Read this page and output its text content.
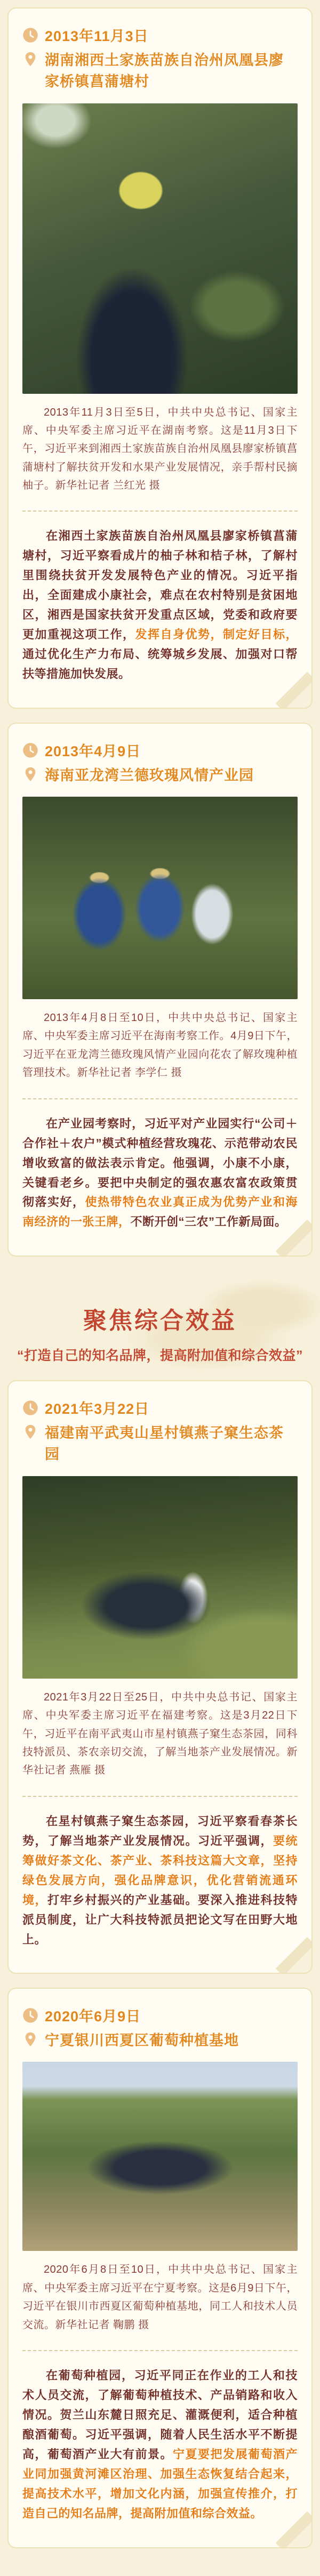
2013年11月3日
湖南湘西土家族苗族自治州凤凰县廖家桥镇菖蒲塘村

2013年11月3日至5日，中共中央总书记、国家主席、中央军委主席习近平在湖南考察。这是11月3日下午，习近平来到湘西土家族苗族自治州凤凰县廖家桥镇菖蒲塘村了解扶贫开发和水果产业发展情况，亲手帮村民摘柚子。新华社记者 兰红光 摄

在湘西土家族苗族自治州凤凰县廖家桥镇菖蒲塘村，习近平察看成片的柚子林和桔子林，了解村里围绕扶贫开发发展特色产业的情况。习近平指出，全面建成小康社会，难点在农村特别是贫困地区，湘西是国家扶贫开发重点区域，党委和政府要更加重视这项工作，发挥自身优势，制定好目标，通过优化生产力布局、统筹城乡发展、加强对口帮扶等措施加快发展。

2013年4月9日
海南亚龙湾兰德玫瑰风情产业园

2013年4月8日至10日，中共中央总书记、国家主席、中央军委主席习近平在海南考察工作。4月9日下午，习近平在亚龙湾兰德玫瑰风情产业园向花农了解玫瑰种植管理技术。新华社记者 李学仁 摄

在产业园考察时，习近平对产业园实行“公司＋合作社＋农户”模式种植经营玫瑰花、示范带动农民增收致富的做法表示肯定。他强调，小康不小康，关键看老乡。要把中央制定的强农惠农富农政策贯彻落实好，使热带特色农业真正成为优势产业和海南经济的一张王牌，不断开创“三农”工作新局面。

聚焦综合效益

“打造自己的知名品牌，提高附加值和综合效益”

2021年3月22日
福建南平武夷山星村镇燕子窠生态茶园

2021年3月22日至25日，中共中央总书记、国家主席、中央军委主席习近平在福建考察。这是3月22日下午，习近平在南平武夷山市星村镇燕子窠生态茶园，同科技特派员、茶农亲切交流，了解当地茶产业发展情况。新华社记者 燕雁 摄

在星村镇燕子窠生态茶园，习近平察看春茶长势，了解当地茶产业发展情况。习近平强调，要统筹做好茶文化、茶产业、茶科技这篇大文章，坚持绿色发展方向，强化品牌意识，优化营销流通环境，打牢乡村振兴的产业基础。要深入推进科技特派员制度，让广大科技特派员把论文写在田野大地上。

2020年6月9日
宁夏银川西夏区葡萄种植基地

2020年6月8日至10日，中共中央总书记、国家主席、中央军委主席习近平在宁夏考察。这是6月9日下午，习近平在银川市西夏区葡萄种植基地，同工人和技术人员交流。新华社记者 鞠鹏 摄

在葡萄种植园，习近平同正在作业的工人和技术人员交流，了解葡萄种植技术、产品销路和收入情况。贺兰山东麓日照充足、灌溉便利，适合种植酿酒葡萄。习近平强调，随着人民生活水平不断提高，葡萄酒产业大有前景。宁夏要把发展葡萄酒产业同加强黄河滩区治理、加强生态恢复结合起来，提高技术水平，增加文化内涵，加强宣传推介，打造自己的知名品牌，提高附加值和综合效益。
